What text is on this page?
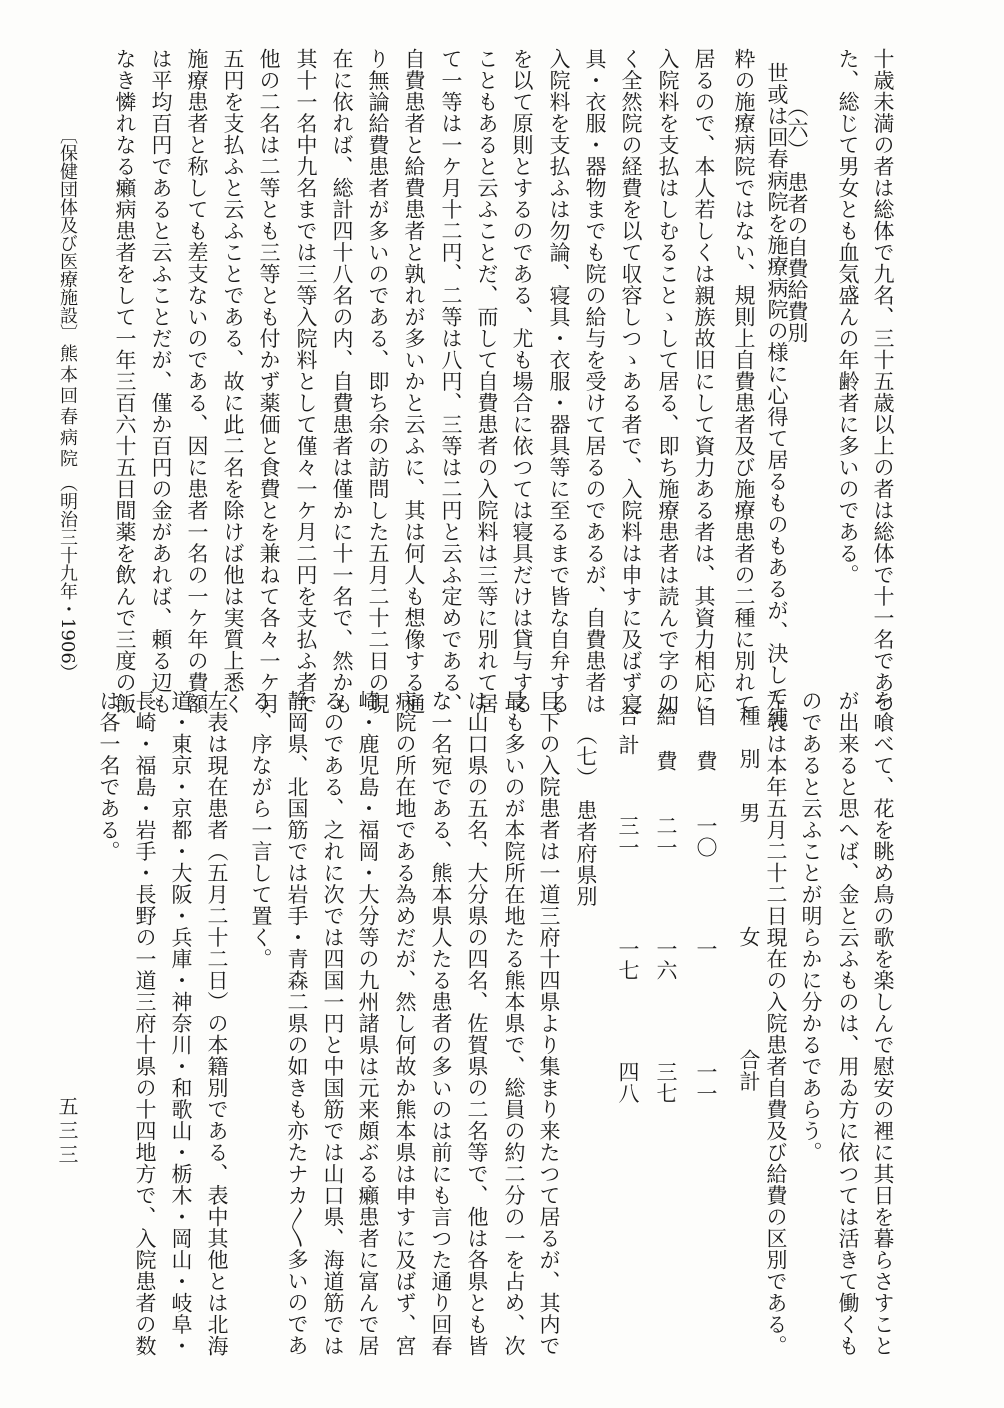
十歳未満の者は総体で九名、三十五歳以上の者は総体で十一名であつ
た、総じて男女とも血気盛んの年齢者に多いのである。
（六）　患者の自費給費別
世或は回春病院を施療病院の様に心得て居るものもあるが、決して純
粋の施療病院ではない、規則上自費患者及び施療患者の二種に別れて
居るので、本人若しくは親族故旧にして資力ある者は、其資力相応に
入院料を支払はしむることゝして居る、即ち施療患者は読んで字の如
く全然院の経費を以て収容しつゝある者で、入院料は申すに及ばず寝
具・衣服・器物までも院の給与を受けて居るのであるが、自費患者は
入院料を支払ふは勿論、寝具・衣服・器具等に至るまで皆な自弁する
を以て原則とするのである、尤も場合に依つては寝具だけは貸与する
こともあると云ふことだ、而して自費患者の入院料は三等に別れて居
て一等は一ケ月十二円、二等は八円、三等は二円と云ふ定めである、
自費患者と給費患者と孰れが多いかと云ふに、其は何人も想像する通
り無論給費患者が多いのである、即ち余の訪問した五月二十二日の現
在に依れば、総計四十八名の内、自費患者は僅かに十一名で、然かも
其十一名中九名までは三等入院料として僅々一ケ月二円を支払ふ者で
他の二名は二等とも三等とも付かず薬価と食費とを兼ねて各々一ケ月
五円を支払ふと云ふことである、故に此二名を除けば他は実質上悉く
施療患者と称しても差支ないのである、因に患者一名の一ケ年の費額
は平均百円であると云ふことだが、僅か百円の金があれば、頼る辺も
なき憐れなる癩病患者をして一年三百六十五日間薬を飲んで三度の飯
を喰べて、花を眺め鳥の歌を楽しんで慰安の裡に其日を暮らさすこと
が出来ると思へば、金と云ふものは、用ゐ方に依つては活きて働くも
のであると云ふことが明らかに分かるであらう。
左表は本年五月二十二日現在の入院患者自費及び給費の区別である。
目下の入院患者は一道三府十四県より集まり来たつて居るが、其内で
最も多いのが本院所在地たる熊本県で、総員の約二分の一を占め、次
は山口県の五名、大分県の四名、佐賀県の二名等で、他は各県とも皆
な一名宛である、熊本県人たる患者の多いのは前にも言つた通り回春
病院の所在地である為めだが、然し何故か熊本県は申すに及ばず、宮
崎・鹿児島・福岡・大分等の九州諸県は元来頗ぶる癩患者に富んで居
るのである、之れに次では四国一円と中国筋では山口県、海道筋では
静岡県、北国筋では岩手・青森二県の如きも亦たナカ〳〵多いのであ
る、序ながら一言して置く。
左表は現在患者（五月二十二日）の本籍別である、表中其他とは北海
道・東京・京都・大阪・兵庫・神奈川・和歌山・栃木・岡山・岐阜・
長崎・福島・岩手・長野の一道三府十県の十四地方で、入院患者の数
は各一名である。	（七）　患者府県別	種別
男
女
合計
自費
一〇
一
一一
給費
二一
一六
三七
合計
三一
一七
四八
〔保健団体及び医療施設〕
熊本回春病院
（明治三十九年・1906）
五三三
